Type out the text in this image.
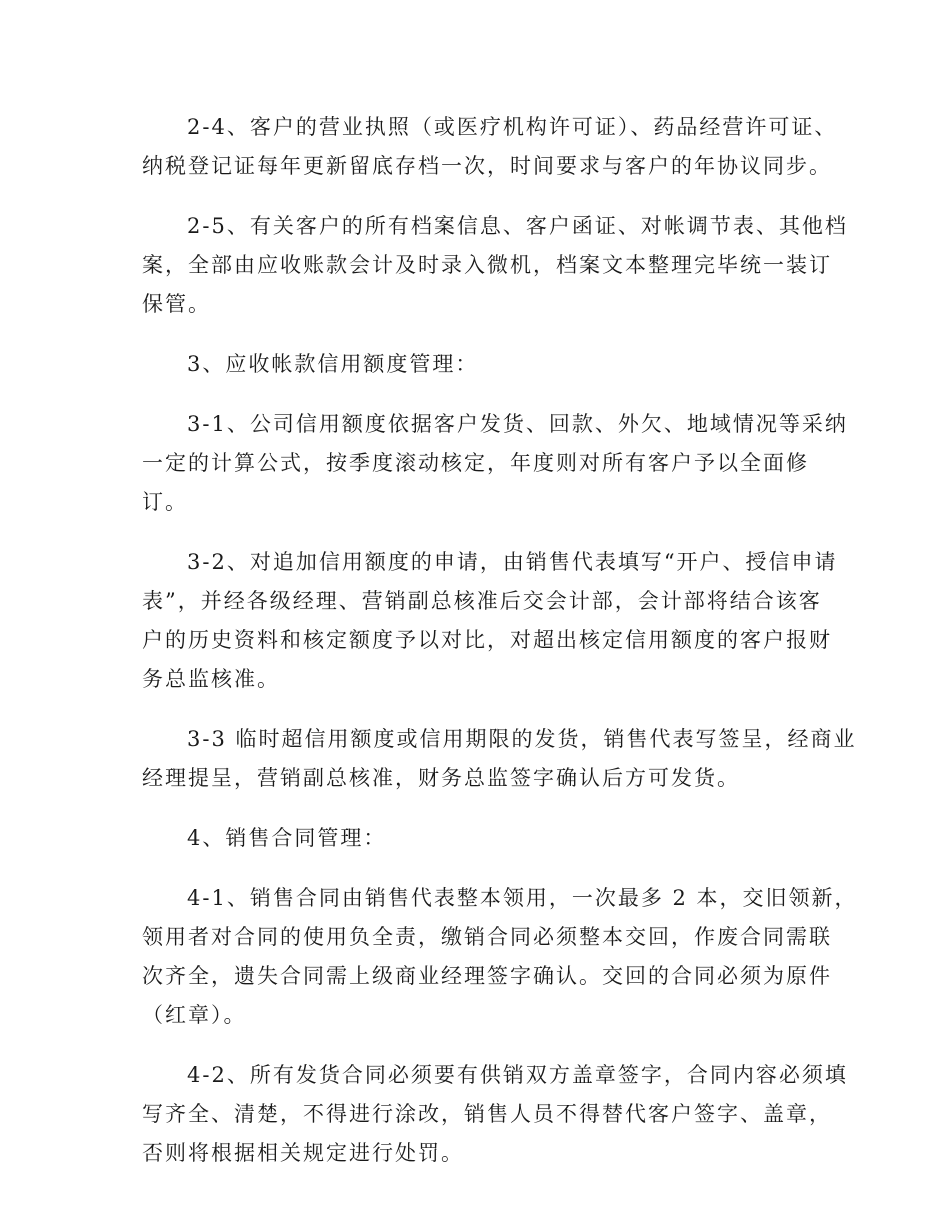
2-4、客户的营业执照（或医疗机构许可证）、药品经营许可证、
纳税登记证每年更新留底存档一次，时间要求与客户的年协议同步。
2-5、有关客户的所有档案信息、客户函证、对帐调节表、其他档
案，全部由应收账款会计及时录入微机，档案文本整理完毕统一装订
保管。
3、应收帐款信用额度管理：
3-1、公司信用额度依据客户发货、回款、外欠、地域情况等采纳
一定的计算公式，按季度滚动核定，年度则对所有客户予以全面修
订。
3-2、对追加信用额度的申请，由销售代表填写“开户、授信申请
表”，并经各级经理、营销副总核准后交会计部，会计部将结合该客
户的历史资料和核定额度予以对比，对超出核定信用额度的客户报财
务总监核准。
3-3 临时超信用额度或信用期限的发货，销售代表写签呈，经商业
经理提呈，营销副总核准，财务总监签字确认后方可发货。
4、销售合同管理：
4-1、销售合同由销售代表整本领用，一次最多 2 本，交旧领新，
领用者对合同的使用负全责，缴销合同必须整本交回，作废合同需联
次齐全，遗失合同需上级商业经理签字确认。交回的合同必须为原件
（红章）。
4-2、所有发货合同必须要有供销双方盖章签字，合同内容必须填
写齐全、清楚，不得进行涂改，销售人员不得替代客户签字、盖章，
否则将根据相关规定进行处罚。
